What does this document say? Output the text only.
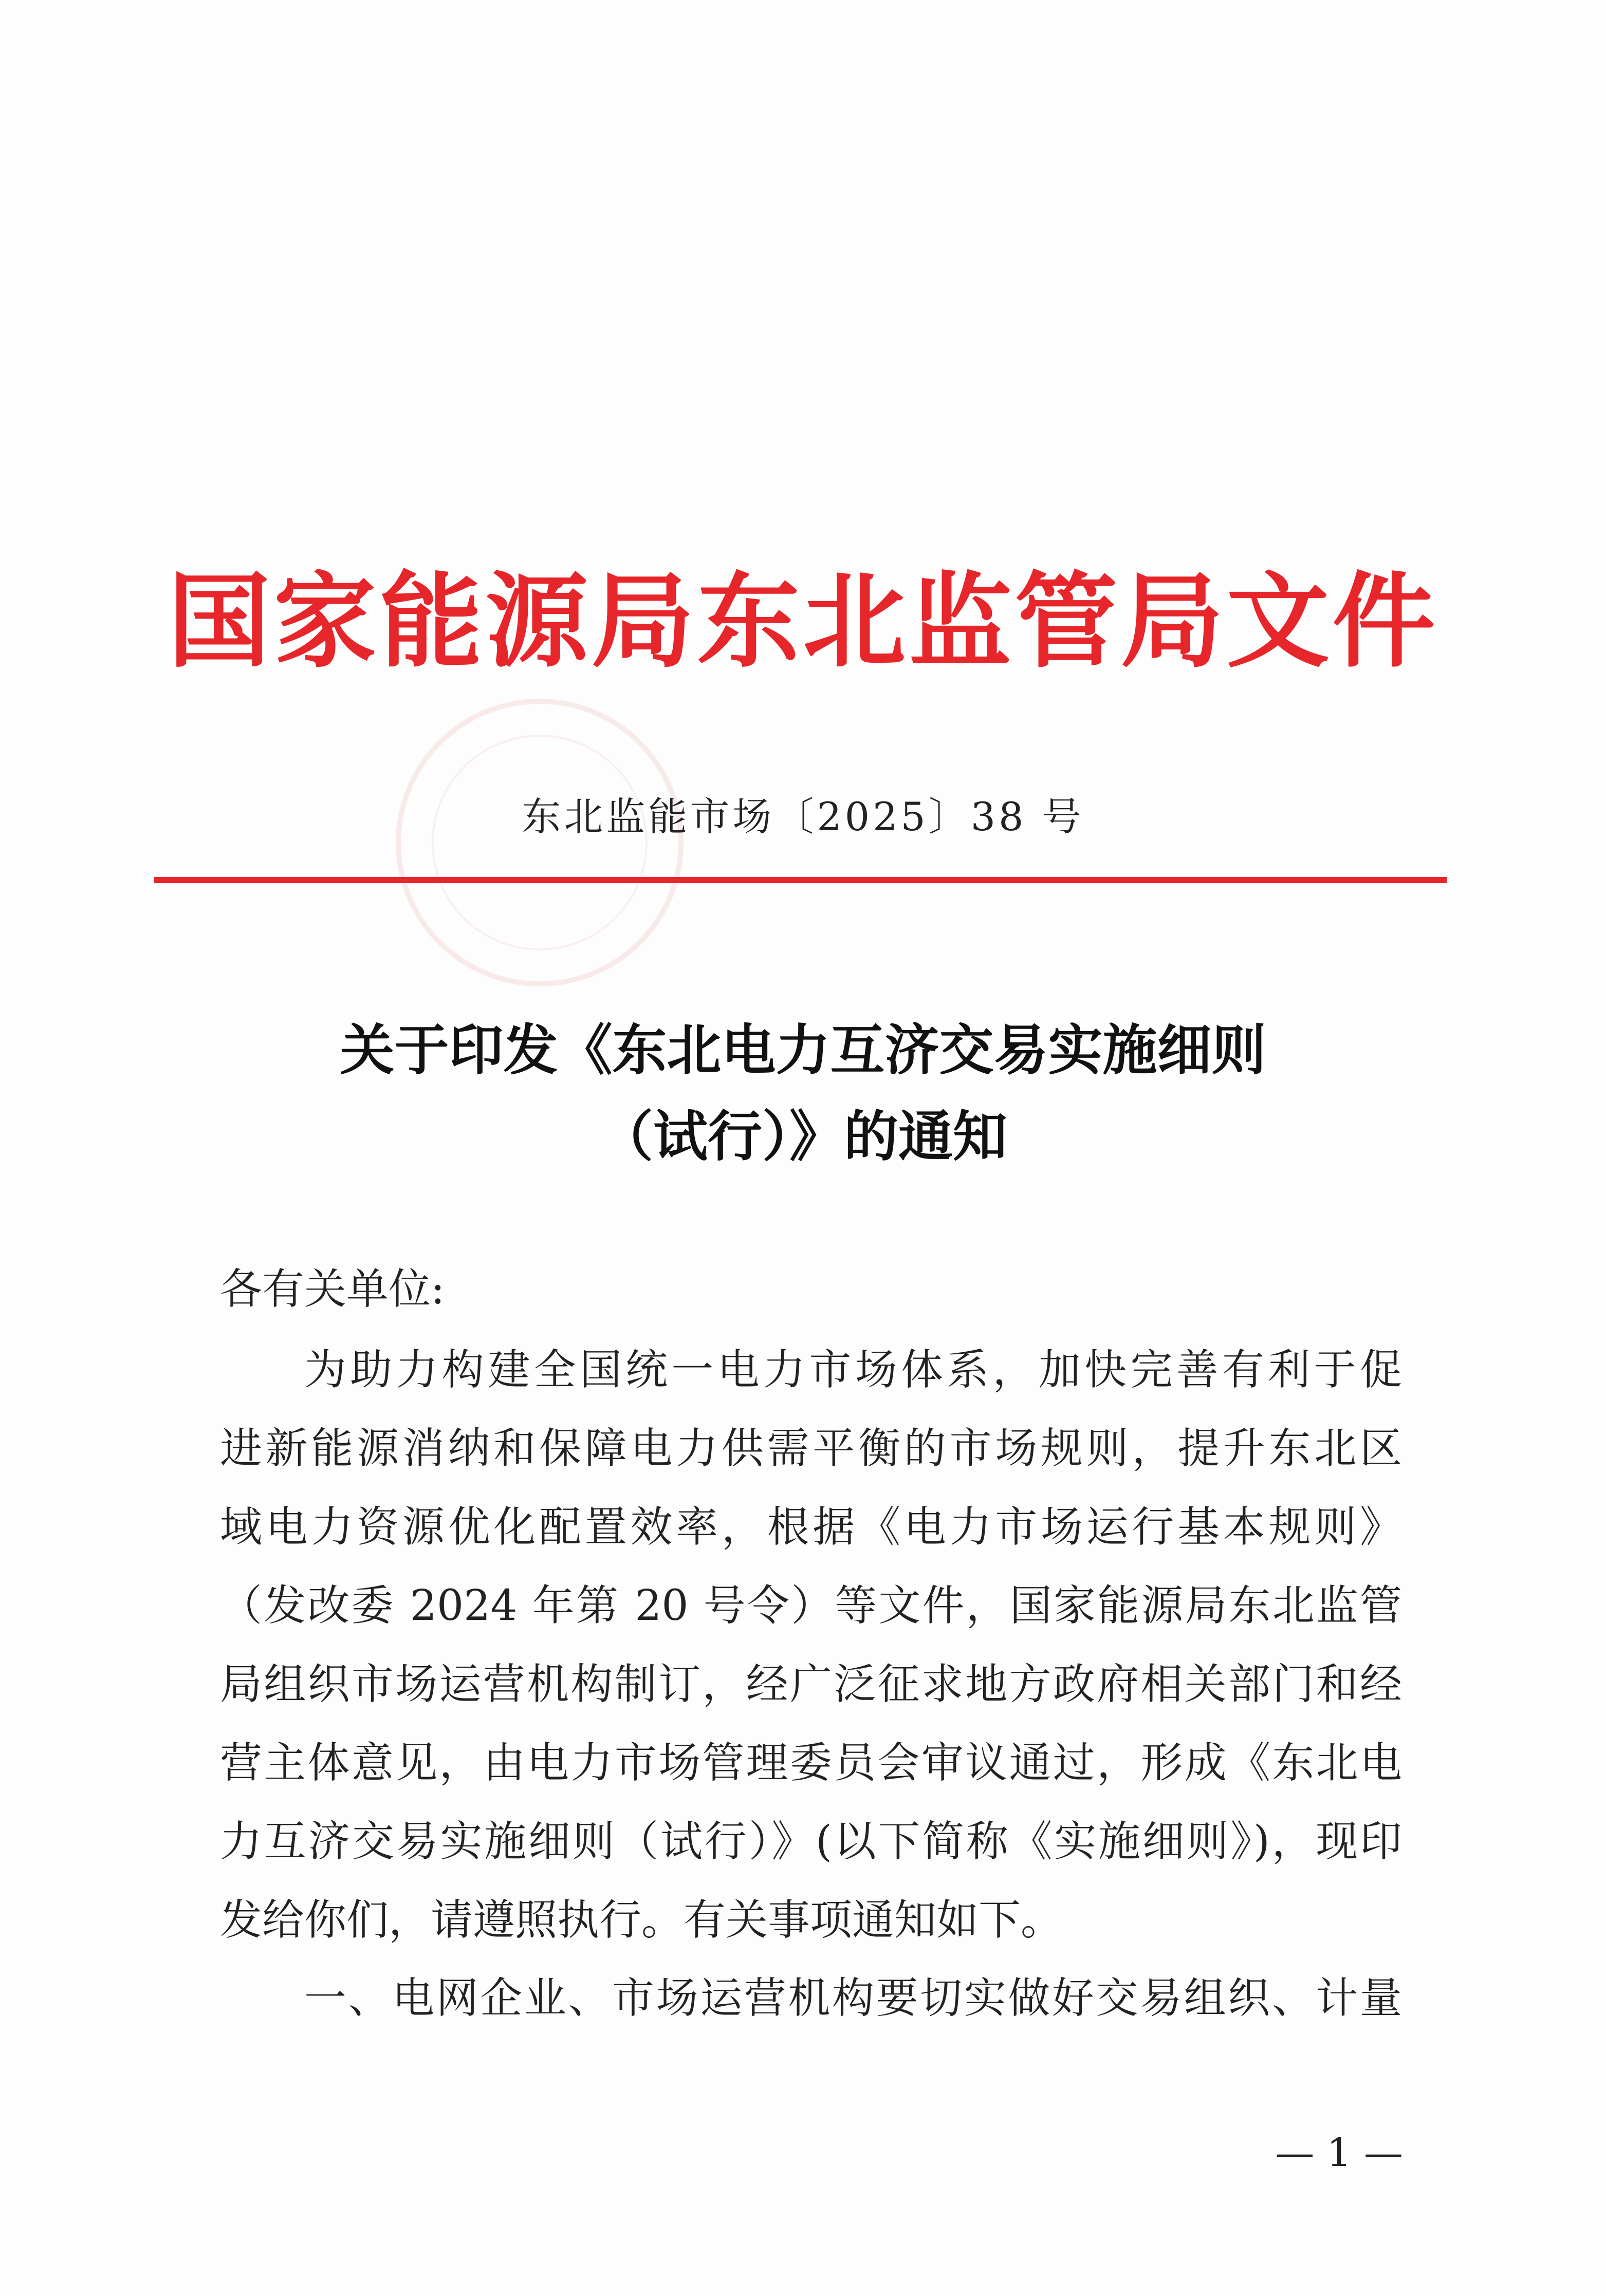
国家能源局东北监管局文件
东北监能市场〔2025〕38 号
关于印发《东北电力互济交易实施细则
（试行）》的通知
各有关单位:
为助力构建全国统一电力市场体系，加快完善有利于促
进新能源消纳和保障电力供需平衡的市场规则，提升东北区
域电力资源优化配置效率，根据《电力市场运行基本规则》
（发改委 2024 年第 20 号令）等文件，国家能源局东北监管
局组织市场运营机构制订，经广泛征求地方政府相关部门和经
营主体意见，由电力市场管理委员会审议通过，形成《东北电
力互济交易实施细则（试行）》(以下简称《实施细则》)，现印
发给你们，请遵照执行。有关事项通知如下。
一、电网企业、市场运营机构要切实做好交易组织、计量
— 1 —
